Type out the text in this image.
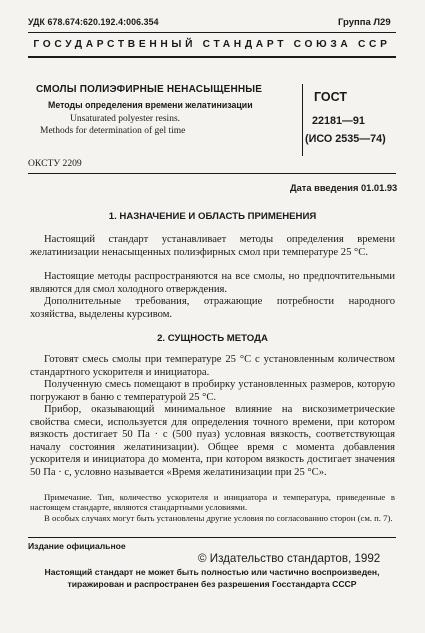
УДК 678.674:620.192.4:006.354	Группа Л29
ГОСУДАРСТВЕННЫЙ СТАНДАРТ СОЮЗА ССР
СМОЛЫ ПОЛИЭФИРНЫЕ НЕНАСЫЩЕННЫЕ
Методы определения времени желатинизации
Unsaturated polyester resins.
Methods for determination of gel time
ГОСТ
22181—91
(ИСО 2535—74)
ОКСТУ 2209
Дата введения 01.01.93
1. НАЗНАЧЕНИЕ И ОБЛАСТЬ ПРИМЕНЕНИЯ
Настоящий стандарт устанавливает методы определения времени желатинизации ненасыщенных полиэфирных смол при температуре 25 °С.
Настоящие методы распространяются на все смолы, но предпочтительными являются для смол холодного отверждения.
Дополнительные требования, отражающие потребности народного хозяйства, выделены курсивом.
2. СУЩНОСТЬ МЕТОДА
Готовят смесь смолы при температуре 25 °С с установленным количеством стандартного ускорителя и инициатора.
Полученную смесь помещают в пробирку установленных размеров, которую погружают в баню с температурой 25 °С.
Прибор, оказывающий минимальное влияние на вискозиметрические свойства смеси, используется для определения точного времени, при котором вязкость достигает 50 Па · с (500 пуаз) условная вязкость, соответствующая началу состояния желатинизации). Общее время с момента добавления ускорителя и инициатора до момента, при котором вязкость достигает значения 50 Па · с, условно называется «Время желатинизации при 25 °С».
Примечание. Тип, количество ускорителя и инициатора и температура, приведенные в настоящем стандарте, являются стандартными условиями.
В особых случаях могут быть установлены другие условия по согласованию сторон (см. п. 7).
Издание официальное
© Издательство стандартов, 1992
Настоящий стандарт не может быть полностью или частично воспроизведен, тиражирован и распространен без разрешения Госстандарта СССР
